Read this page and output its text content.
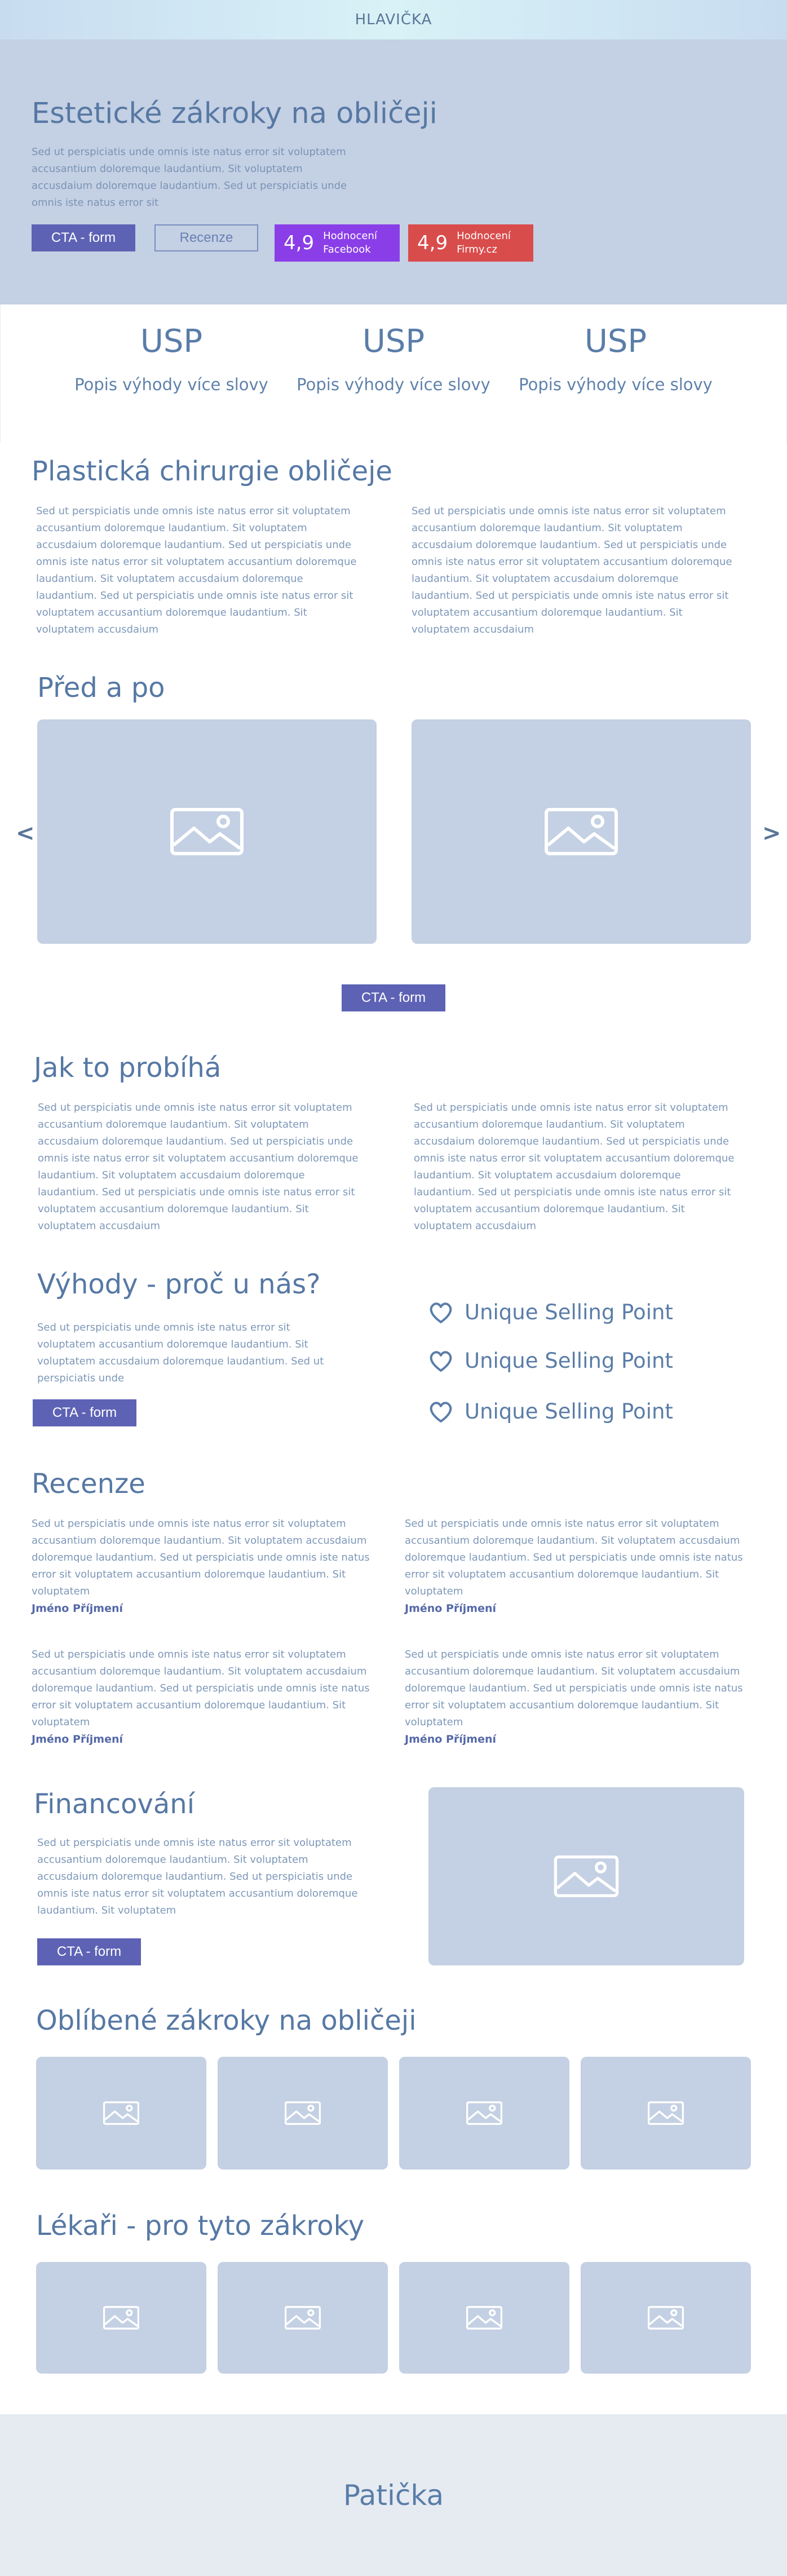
HLAVIČKA
Estetické zákroky na obličeji

Sed ut perspiciatis unde omnis iste natus error sit voluptatem accusantium doloremque laudantium. Sit voluptatem accusdaium doloremque laudantium. Sed ut perspiciatis unde omnis iste natus error sit

CTA - form	Recenze	4,9 Hodnocení
Facebook	4,9 Hodnocení
Firmy.cz
USP
Popis výhody více slovy
USP
Popis výhody více slovy
USP
Popis výhody více slovy
Plastická chirurgie obličeje

Sed ut perspiciatis unde omnis iste natus error sit voluptatem accusantium doloremque laudantium. Sit voluptatem accusdaium doloremque laudantium. Sed ut perspiciatis unde omnis iste natus error sit voluptatem accusantium doloremque laudantium. Sit voluptatem accusdaium doloremque laudantium. Sed ut perspiciatis unde omnis iste natus error sit voluptatem accusantium doloremque laudantium. Sit voluptatem accusdaium

Sed ut perspiciatis unde omnis iste natus error sit voluptatem accusantium doloremque laudantium. Sit voluptatem accusdaium doloremque laudantium. Sed ut perspiciatis unde omnis iste natus error sit voluptatem accusantium doloremque laudantium. Sit voluptatem accusdaium doloremque laudantium. Sed ut perspiciatis unde omnis iste natus error sit voluptatem accusantium doloremque laudantium. Sit voluptatem accusdaium

Před a po
<	>
CTA - form
Jak to probíhá

Sed ut perspiciatis unde omnis iste natus error sit voluptatem accusantium doloremque laudantium. Sit voluptatem accusdaium doloremque laudantium. Sed ut perspiciatis unde omnis iste natus error sit voluptatem accusantium doloremque laudantium. Sit voluptatem accusdaium doloremque laudantium. Sed ut perspiciatis unde omnis iste natus error sit voluptatem accusantium doloremque laudantium. Sit voluptatem accusdaium

Sed ut perspiciatis unde omnis iste natus error sit voluptatem accusantium doloremque laudantium. Sit voluptatem accusdaium doloremque laudantium. Sed ut perspiciatis unde omnis iste natus error sit voluptatem accusantium doloremque laudantium. Sit voluptatem accusdaium doloremque laudantium. Sed ut perspiciatis unde omnis iste natus error sit voluptatem accusantium doloremque laudantium. Sit voluptatem accusdaium

Výhody - proč u nás?

Sed ut perspiciatis unde omnis iste natus error sit voluptatem accusantium doloremque laudantium. Sit voluptatem accusdaium doloremque laudantium. Sed ut perspiciatis unde

CTA - form
Unique Selling Point
Unique Selling Point
Unique Selling Point
Recenze

Sed ut perspiciatis unde omnis iste natus error sit voluptatem accusantium doloremque laudantium. Sit voluptatem accusdaium doloremque laudantium. Sed ut perspiciatis unde omnis iste natus error sit voluptatem accusantium doloremque laudantium. Sit voluptatem

Jméno Příjmení

Sed ut perspiciatis unde omnis iste natus error sit voluptatem accusantium doloremque laudantium. Sit voluptatem accusdaium doloremque laudantium. Sed ut perspiciatis unde omnis iste natus error sit voluptatem accusantium doloremque laudantium. Sit voluptatem

Jméno Příjmení

Sed ut perspiciatis unde omnis iste natus error sit voluptatem accusantium doloremque laudantium. Sit voluptatem accusdaium doloremque laudantium. Sed ut perspiciatis unde omnis iste natus error sit voluptatem accusantium doloremque laudantium. Sit voluptatem

Jméno Příjmení

Sed ut perspiciatis unde omnis iste natus error sit voluptatem accusantium doloremque laudantium. Sit voluptatem accusdaium doloremque laudantium. Sed ut perspiciatis unde omnis iste natus error sit voluptatem accusantium doloremque laudantium. Sit voluptatem

Jméno Příjmení
Financování

Sed ut perspiciatis unde omnis iste natus error sit voluptatem accusantium doloremque laudantium. Sit voluptatem accusdaium doloremque laudantium. Sed ut perspiciatis unde omnis iste natus error sit voluptatem accusantium doloremque laudantium. Sit voluptatem

CTA - form
Oblíbené zákroky na obličeji
Lékaři - pro tyto zákroky
Patička
